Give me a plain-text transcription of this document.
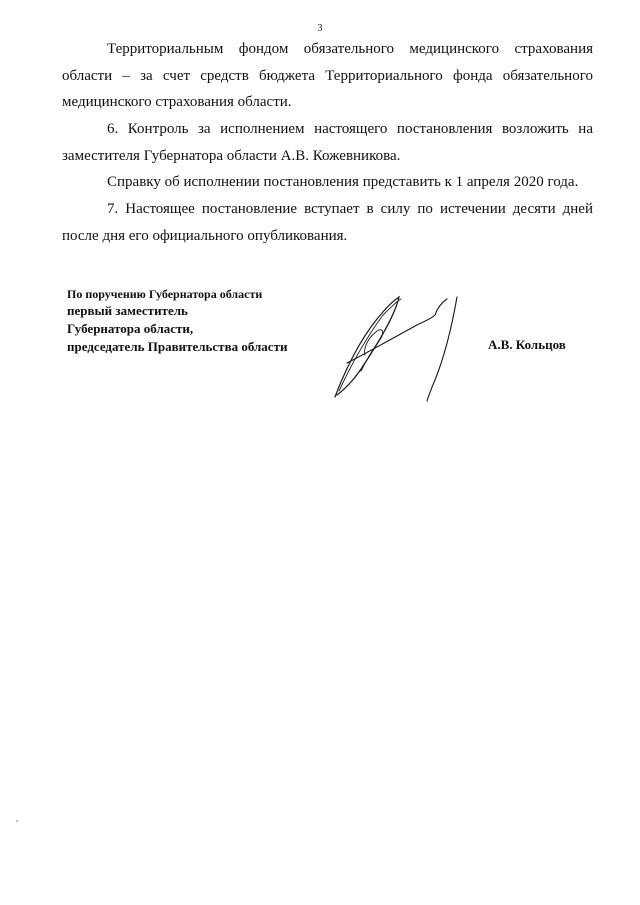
3

Территориальным фондом обязательного медицинского страхования области – за счет средств бюджета Территориального фонда обязательного медицинского страхования области.

6. Контроль за исполнением настоящего постановления возложить на заместителя Губернатора области А.В. Кожевникова.

Справку об исполнении постановления представить к 1 апреля 2020 года.

7. Настоящее постановление вступает в силу по истечении десяти дней после дня его официального опубликования.

По поручению Губернатора области
первый заместитель
Губернатора области,
председатель Правительства области	А.В. Кольцов
